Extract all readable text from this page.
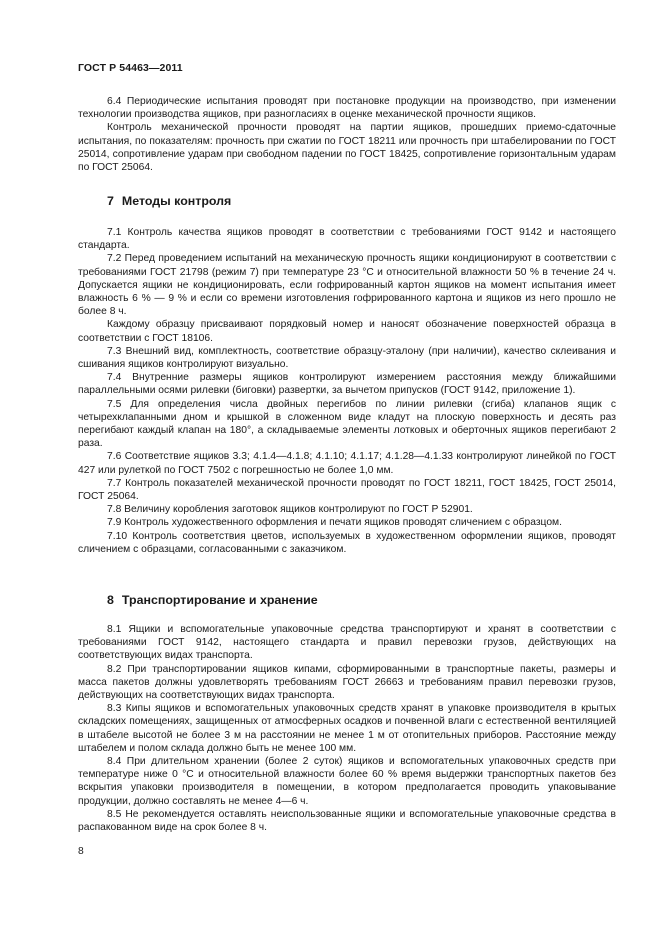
ГОСТ Р 54463—2011

6.4 Периодические испытания проводят при постановке продукции на производство, при изменении технологии производства ящиков, при разногласиях в оценке механической прочности ящиков.

Контроль механической прочности проводят на партии ящиков, прошедших приемо-сдаточные испытания, по показателям: прочность при сжатии по ГОСТ 18211 или прочность при штабелировании по ГОСТ 25014, сопротивление ударам при свободном падении по ГОСТ 18425, сопротивление горизонтальным ударам по ГОСТ 25064.

7 Методы контроля

7.1 Контроль качества ящиков проводят в соответствии с требованиями ГОСТ 9142 и настоящего стандарта.

7.2 Перед проведением испытаний на механическую прочность ящики кондиционируют в соответствии с требованиями ГОСТ 21798 (режим 7) при температуре 23 °С и относительной влажности 50 % в течение 24 ч. Допускается ящики не кондиционировать, если гофрированный картон ящиков на момент испытания имеет влажность 6 % — 9 % и если со времени изготовления гофрированного картона и ящиков из него прошло не более 8 ч.

Каждому образцу присваивают порядковый номер и наносят обозначение поверхностей образца в соответствии с ГОСТ 18106.

7.3 Внешний вид, комплектность, соответствие образцу-эталону (при наличии), качество склеивания и сшивания ящиков контролируют визуально.

7.4 Внутренние размеры ящиков контролируют измерением расстояния между ближайшими параллельными осями рилевки (биговки) развертки, за вычетом припусков (ГОСТ 9142, приложение 1).

7.5 Для определения числа двойных перегибов по линии рилевки (сгиба) клапанов ящик с четырехклапанными дном и крышкой в сложенном виде кладут на плоскую поверхность и десять раз перегибают каждый клапан на 180°, а складываемые элементы лотковых и оберточных ящиков перегибают 2 раза.

7.6 Соответствие ящиков 3.3; 4.1.4—4.1.8; 4.1.10; 4.1.17; 4.1.28—4.1.33 контролируют линейкой по ГОСТ 427 или рулеткой по ГОСТ 7502 с погрешностью не более 1,0 мм.

7.7 Контроль показателей механической прочности проводят по ГОСТ 18211, ГОСТ 18425, ГОСТ 25014, ГОСТ 25064.

7.8 Величину коробления заготовок ящиков контролируют по ГОСТ Р 52901.

7.9 Контроль художественного оформления и печати ящиков проводят сличением с образцом.

7.10 Контроль соответствия цветов, используемых в художественном оформлении ящиков, проводят сличением с образцами, согласованными с заказчиком.

8 Транспортирование и хранение

8.1 Ящики и вспомогательные упаковочные средства транспортируют и хранят в соответствии с требованиями ГОСТ 9142, настоящего стандарта и правил перевозки грузов, действующих на соответствующих видах транспорта.

8.2 При транспортировании ящиков кипами, сформированными в транспортные пакеты, размеры и масса пакетов должны удовлетворять требованиям ГОСТ 26663 и требованиям правил перевозки грузов, действующих на соответствующих видах транспорта.

8.3 Кипы ящиков и вспомогательных упаковочных средств хранят в упаковке производителя в крытых складских помещениях, защищенных от атмосферных осадков и почвенной влаги с естественной вентиляцией в штабеле высотой не более 3 м на расстоянии не менее 1 м от отопительных приборов. Расстояние между штабелем и полом склада должно быть не менее 100 мм.

8.4 При длительном хранении (более 2 суток) ящиков и вспомогательных упаковочных средств при температуре ниже 0 °С и относительной влажности более 60 % время выдержки транспортных пакетов без вскрытия упаковки производителя в помещении, в котором предполагается проводить упаковывание продукции, должно составлять не менее 4—6 ч.

8.5 Не рекомендуется оставлять неиспользованные ящики и вспомогательные упаковочные средства в распакованном виде на срок более 8 ч.

8
